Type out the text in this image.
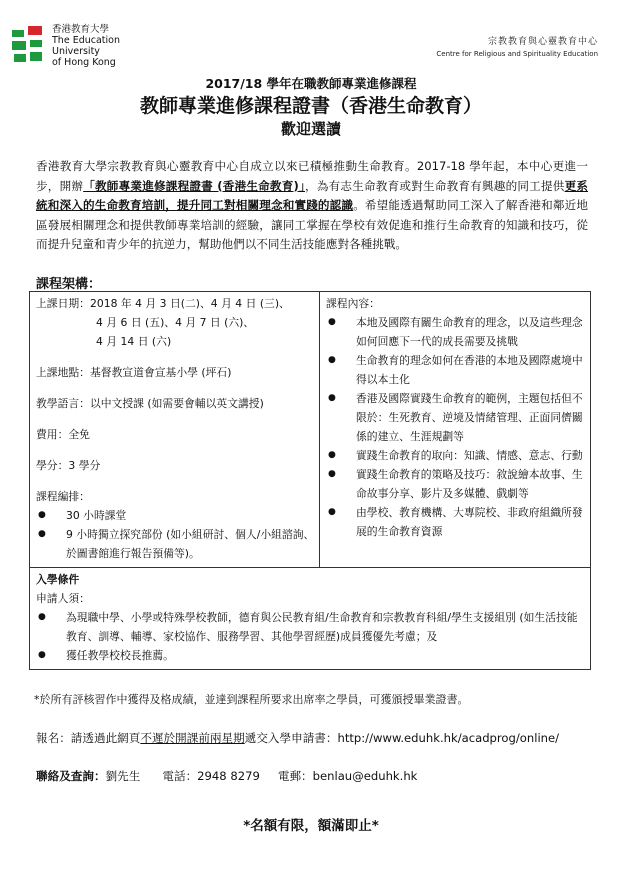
香港教育大學
The Education University
of Hong Kong
宗教教育與心靈教育中心
Centre for Religious and Spirituality Education
2017/18 學年在職教師專業進修課程
教師專業進修課程證書（香港生命教育）
歡迎選讀
香港教育大學宗教教育與心靈教育中心自成立以來已積極推動生命教育。2017-18 學年起，本中心更進一步，開辦「教師專業進修課程證書 (香港生命教育)」，為有志生命教育或對生命教育有興趣的同工提供更系統和深入的生命教育培訓，提升同工對相關理念和實踐的認識。希望能透過幫助同工深入了解香港和鄰近地區發展相關理念和提供教師專業培訓的經驗，讓同工掌握在學校有效促進和推行生命教育的知識和技巧，從而提升兒童和青少年的抗逆力，幫助他們以不同生活技能應對各種挑戰。
課程架構：
上課日期：2018 年 4 月 3 日(二)、4 月 4 日 (三)、
4 月 6 日 (五)、4 月 7 日 (六)、
4 月 14 日 (六)
上課地點：基督教宣道會宣基小學 (坪石)
教學語言：以中文授課 (如需要會輔以英文講授)
費用：全免
學分：3 學分
課程編排：
● 30 小時課堂
● 9 小時獨立探究部份 (如小組研討、個人/小組諮詢、於圖書館進行報告預備等)。

課程內容：
● 本地及國際有關生命教育的理念，以及這些理念如何回應下一代的成長需要及挑戰
● 生命教育的理念如何在香港的本地及國際處境中得以本土化
● 香港及國際實踐生命教育的範例，主題包括但不限於：生死教育、逆境及情緒管理、正面同儕關係的建立、生涯規劃等
● 實踐生命教育的取向：知識、情感、意志、行動
● 實踐生命教育的策略及技巧：敘說繪本故事、生命故事分享、影片及多媒體、戲劇等
● 由學校、教育機構、大專院校、非政府組織所發展的生命教育資源

入學條件
申請人須：
● 為現職中學、小學或特殊學校教師，德育與公民教育組/生命教育和宗教教育科組/學生支援組別 (如生活技能教育、訓導、輔導、家校協作、服務學習、其他學習經歷)成員獲優先考慮；及
● 獲任教學校校長推薦。
*於所有評核習作中獲得及格成績，並達到課程所要求出席率之學員，可獲頒授畢業證書。
報名：請透過此網頁不遲於開課前兩星期遞交入學申請書：http://www.eduhk.hk/acadprog/online/
聯絡及查詢：劉先生 電話：2948 8279 電郵：benlau@eduhk.hk
*名額有限，額滿即止*
